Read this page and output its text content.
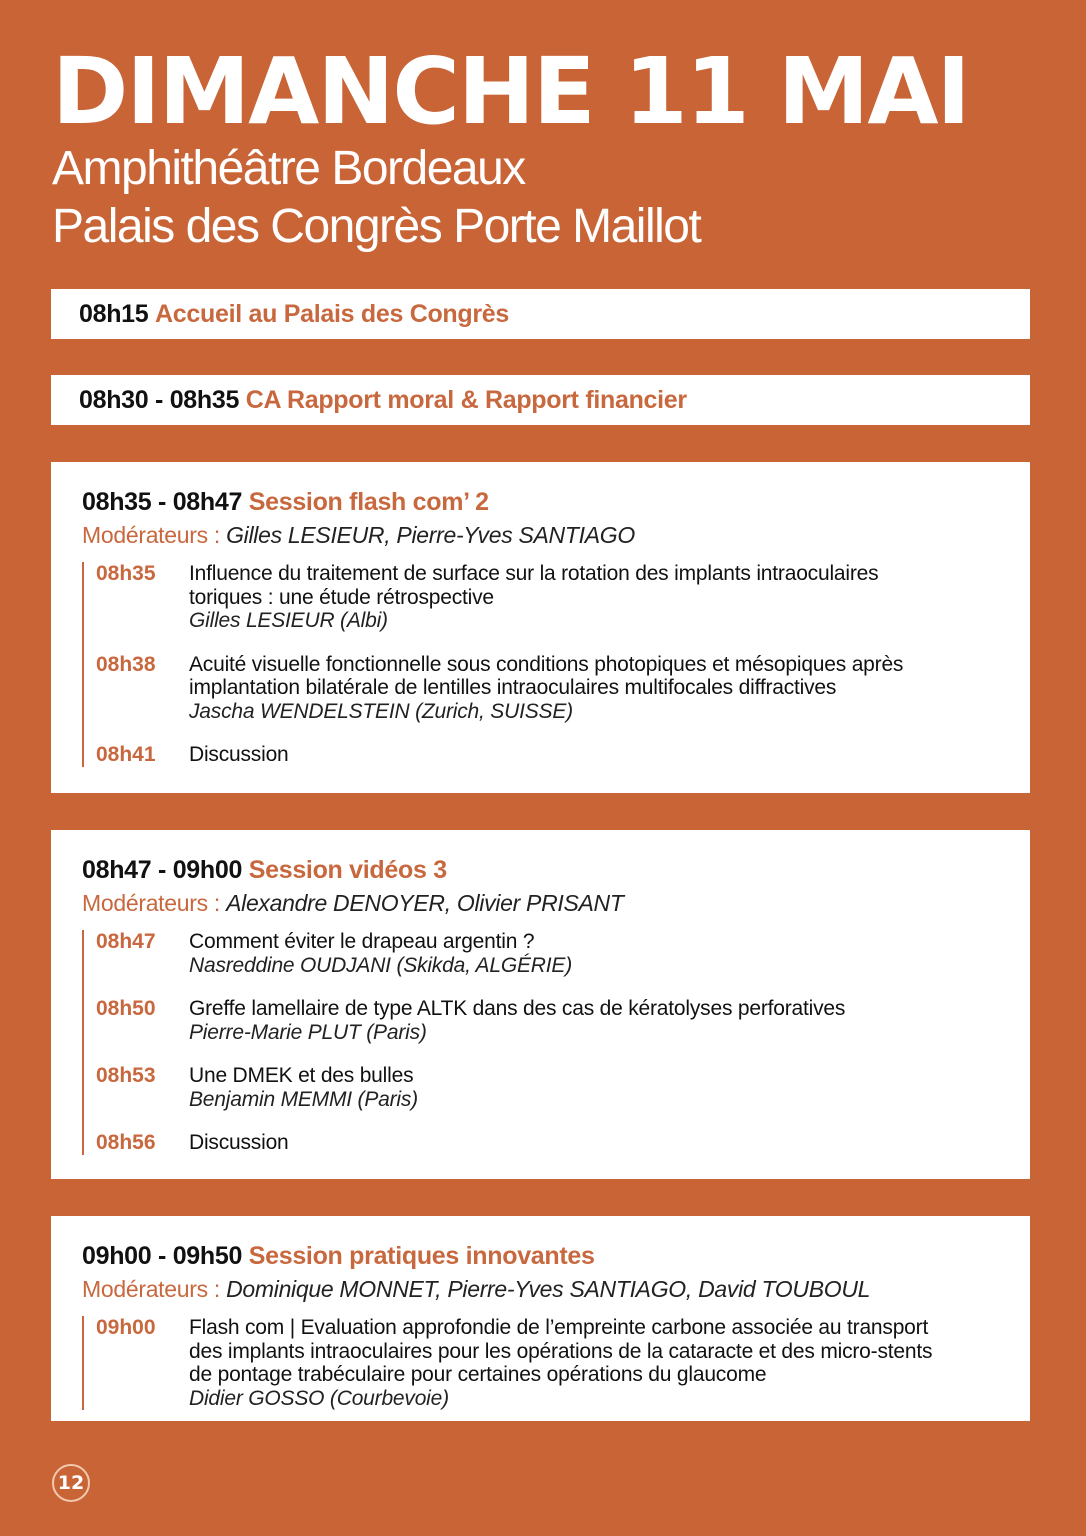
DIMANCHE 11 MAI

Amphithéâtre Bordeaux

Palais des Congrès Porte Maillot

08h15
Accueil au Palais des Congrès
08h30 - 08h35
CA Rapport moral & Rapport financier
08h35 - 08h47 Session flash com’ 2
Modérateurs : Gilles LESIEUR, Pierre-Yves SANTIAGO
08h35	Influence du traitement de surface sur la rotation des implants intraoculaires
toriques : une étude rétrospective
Gilles LESIEUR (Albi)
08h38	Acuité visuelle fonctionnelle sous conditions photopiques et mésopiques après
implantation bilatérale de lentilles intraoculaires multifocales diffractives
Jascha WENDELSTEIN (Zurich, SUISSE)
08h41	Discussion
08h47 - 09h00 Session vidéos 3
Modérateurs : Alexandre DENOYER, Olivier PRISANT
08h47	Comment éviter le drapeau argentin ?
Nasreddine OUDJANI (Skikda, ALGÉRIE)
08h50	Greffe lamellaire de type ALTK dans des cas de kératolyses perforatives
Pierre-Marie PLUT (Paris)
08h53	Une DMEK et des bulles
Benjamin MEMMI (Paris)
08h56	Discussion
09h00 - 09h50 Session pratiques innovantes
Modérateurs : Dominique MONNET, Pierre-Yves SANTIAGO, David TOUBOUL
09h00	Flash com | Evaluation approfondie de l’empreinte carbone associée au transport
des implants intraoculaires pour les opérations de la cataracte et des micro-stents
de pontage trabéculaire pour certaines opérations du glaucome
Didier GOSSO (Courbevoie)
12
